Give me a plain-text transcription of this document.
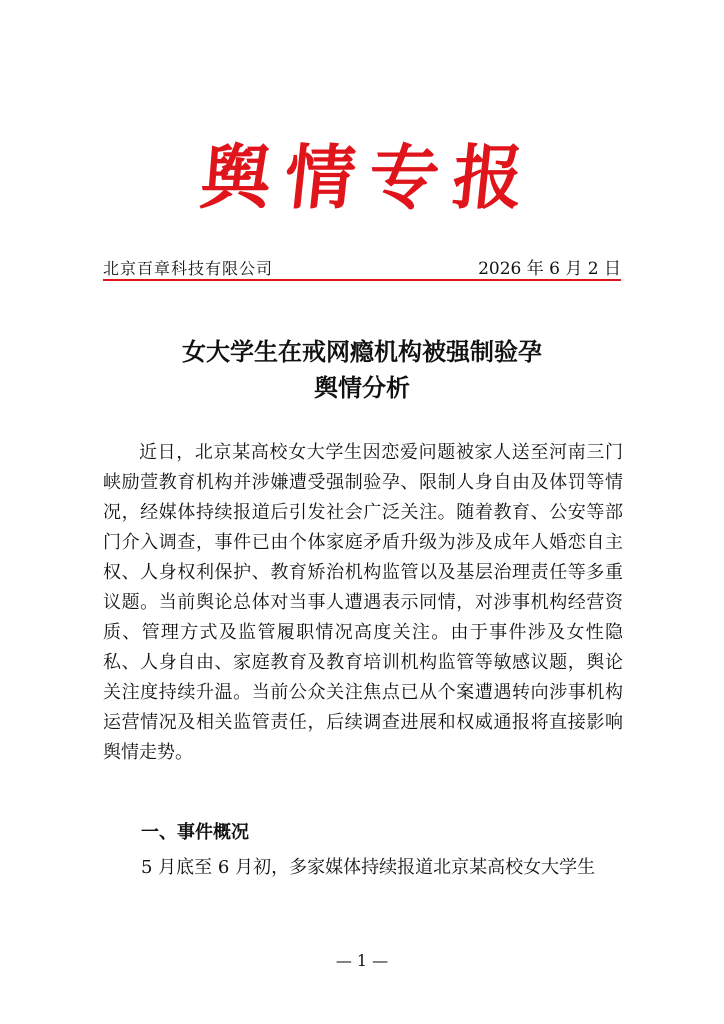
舆情专报
北京百章科技有限公司	2026 年 6 月 2 日
女大学生在戒网瘾机构被强制验孕
舆情分析

近日，北京某高校女大学生因恋爱问题被家人送至河南三门峡励萱教育机构并涉嫌遭受强制验孕、限制人身自由及体罚等情况，经媒体持续报道后引发社会广泛关注。随着教育、公安等部门介入调查，事件已由个体家庭矛盾升级为涉及成年人婚恋自主权、人身权利保护、教育矫治机构监管以及基层治理责任等多重议题。当前舆论总体对当事人遭遇表示同情，对涉事机构经营资质、管理方式及监管履职情况高度关注。由于事件涉及女性隐私、人身自由、家庭教育及教育培训机构监管等敏感议题，舆论关注度持续升温。当前公众关注焦点已从个案遭遇转向涉事机构运营情况及相关监管责任，后续调查进展和权威通报将直接影响舆情走势。

一、事件概况

5 月底至 6 月初，多家媒体持续报道北京某高校女大学生

— 1 —
